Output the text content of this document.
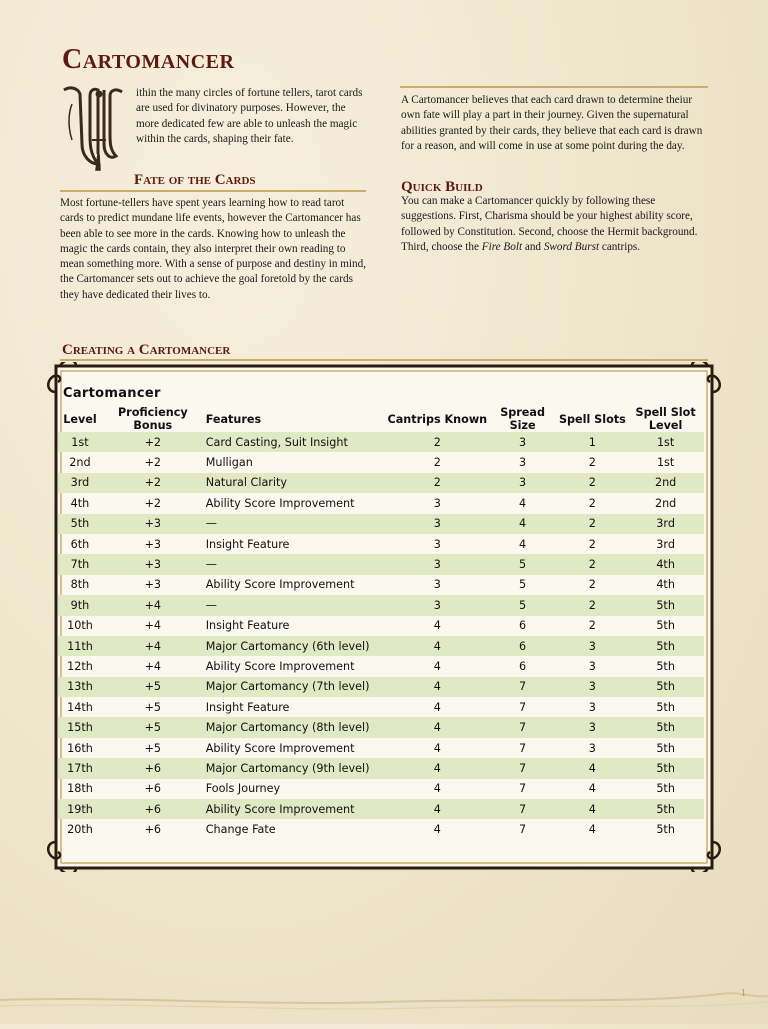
Cartomancer
ithin the many circles of fortune tellers, tarot cards are used for divinatory purposes. However, the more dedicated few are able to unleash the magic within the cards, shaping their fate.
Fate of the Cards
Most fortune-tellers have spent years learning how to read tarot cards to predict mundane life events, however the Cartomancer has been able to see more in the cards. Knowing how to unleash the magic the cards contain, they also interpret their own reading to mean something more. With a sense of purpose and destiny in mind, the Cartomancer sets out to achieve the goal foretold by the cards they have dedicated their lives to.
A Cartomancer believes that each card drawn to determine theiur own fate will play a part in their journey. Given the supernatural abilities granted by their cards, they believe that each card is drawn for a reason, and will come in use at some point during the day.
Quick Build
You can make a Cartomancer quickly by following these suggestions. First, Charisma should be your highest ability score, followed by Constitution. Second, choose the Hermit background. Third, choose the Fire Bolt and Sword Burst cantrips.
Creating a Cartomancer
Cartomancer
Level	Proficiency Bonus	Features	Cantrips Known	Spread Size	Spell Slots	Spell Slot Level
1st	+2	Card Casting, Suit Insight	2	3	1	1st
2nd	+2	Mulligan	2	3	2	1st
3rd	+2	Natural Clarity	2	3	2	2nd
4th	+2	Ability Score Improvement	3	4	2	2nd
5th	+3	—	3	4	2	3rd
6th	+3	Insight Feature	3	4	2	3rd
7th	+3	—	3	5	2	4th
8th	+3	Ability Score Improvement	3	5	2	4th
9th	+4	—	3	5	2	5th
10th	+4	Insight Feature	4	6	2	5th
11th	+4	Major Cartomancy (6th level)	4	6	3	5th
12th	+4	Ability Score Improvement	4	6	3	5th
13th	+5	Major Cartomancy (7th level)	4	7	3	5th
14th	+5	Insight Feature	4	7	3	5th
15th	+5	Major Cartomancy (8th level)	4	7	3	5th
16th	+5	Ability Score Improvement	4	7	3	5th
17th	+6	Major Cartomancy (9th level)	4	7	4	5th
18th	+6	Fools Journey	4	7	4	5th
19th	+6	Ability Score Improvement	4	7	4	5th
20th	+6	Change Fate	4	7	4	5th
1
